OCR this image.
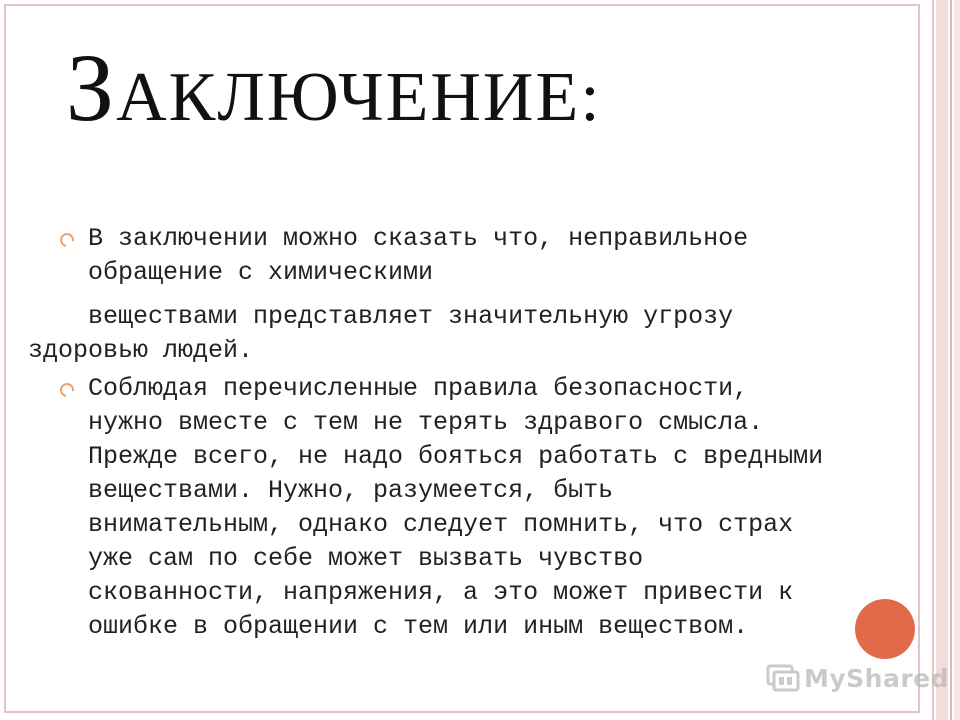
ЗАКЛЮЧЕНИЕ:
В заключении можно сказать что, неправильное
обращение с химическими
веществами представляет значительную угрозу
здоровью людей.
Соблюдая перечисленные правила безопасности,
нужно вместе с тем не терять здравого смысла.
Прежде всего, не надо бояться работать с вредными
веществами. Нужно, разумеется, быть
внимательным, однако следует помнить, что страх
уже сам по себе может вызвать чувство
скованности, напряжения, а это может привести к
ошибке в обращении с тем или иным веществом.
MyShared
